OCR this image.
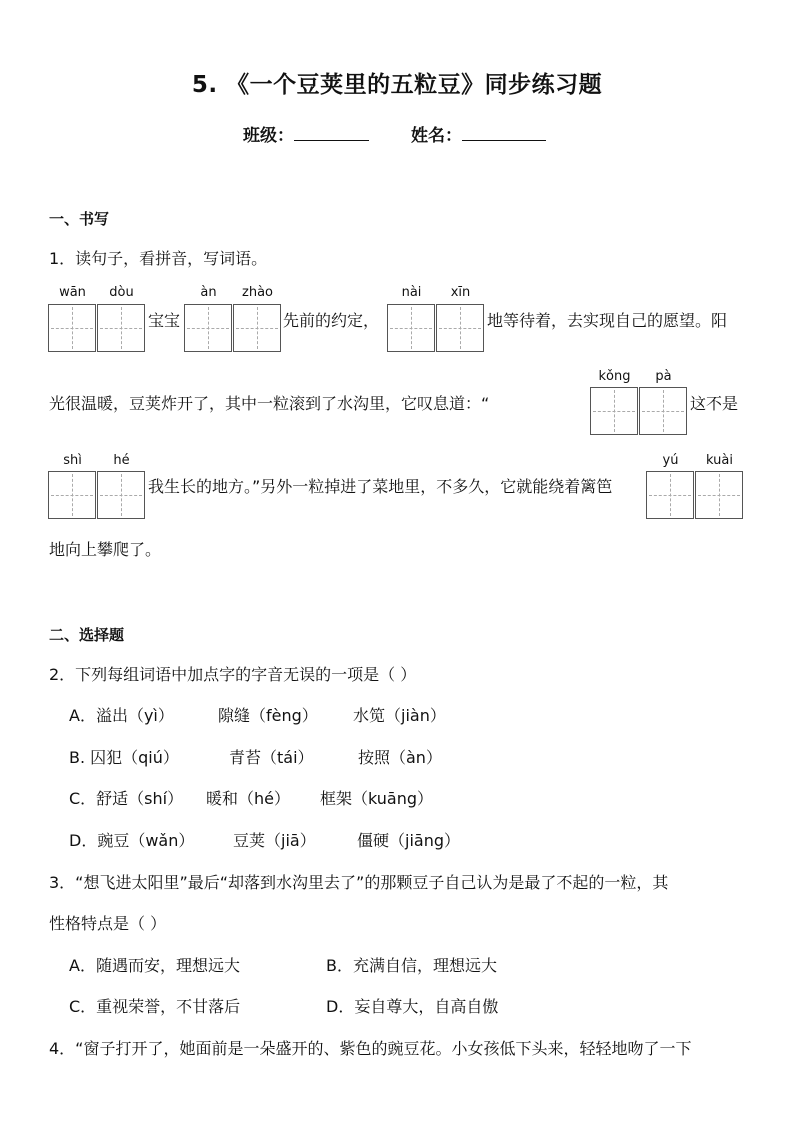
5. 《一个豆荚里的五粒豆》同步练习题
班级：	姓名：
一、书写
1．读句子，看拼音，写词语。
wān	dòu
宝宝
àn	zhào
先前的约定，
nài	xīn
地等待着，去实现自己的愿望。阳
光很温暖，豆荚炸开了，其中一粒滚到了水沟里，它叹息道：“
kǒng	pà
这不是
shì	hé
我生长的地方。”另外一粒掉进了菜地里，不多久，它就能绕着篱笆
yú	kuài
地向上攀爬了。
二、选择题
2．下列每组词语中加点字的字音无误的一项是（ ）
A．溢出（yì）	隙缝（fèng） 水笕（jiàn）
B. 囚犯（qiú）	青苔（tái）	按照（àn）
C．舒适（shí） 暖和（hé） 框架（kuāng）
D．豌豆（wǎn） 豆荚（jiā）	僵硬（jiāng）
3．“想飞进太阳里”最后“却落到水沟里去了”的那颗豆子自己认为是最了不起的一粒，其
性格特点是（ ）
A．随遇而安，理想远大	B．充满自信，理想远大
C．重视荣誉，不甘落后	D．妄自尊大，自高自傲
4．“窗子打开了，她面前是一朵盛开的、紫色的豌豆花。小女孩低下头来，轻轻地吻了一下
